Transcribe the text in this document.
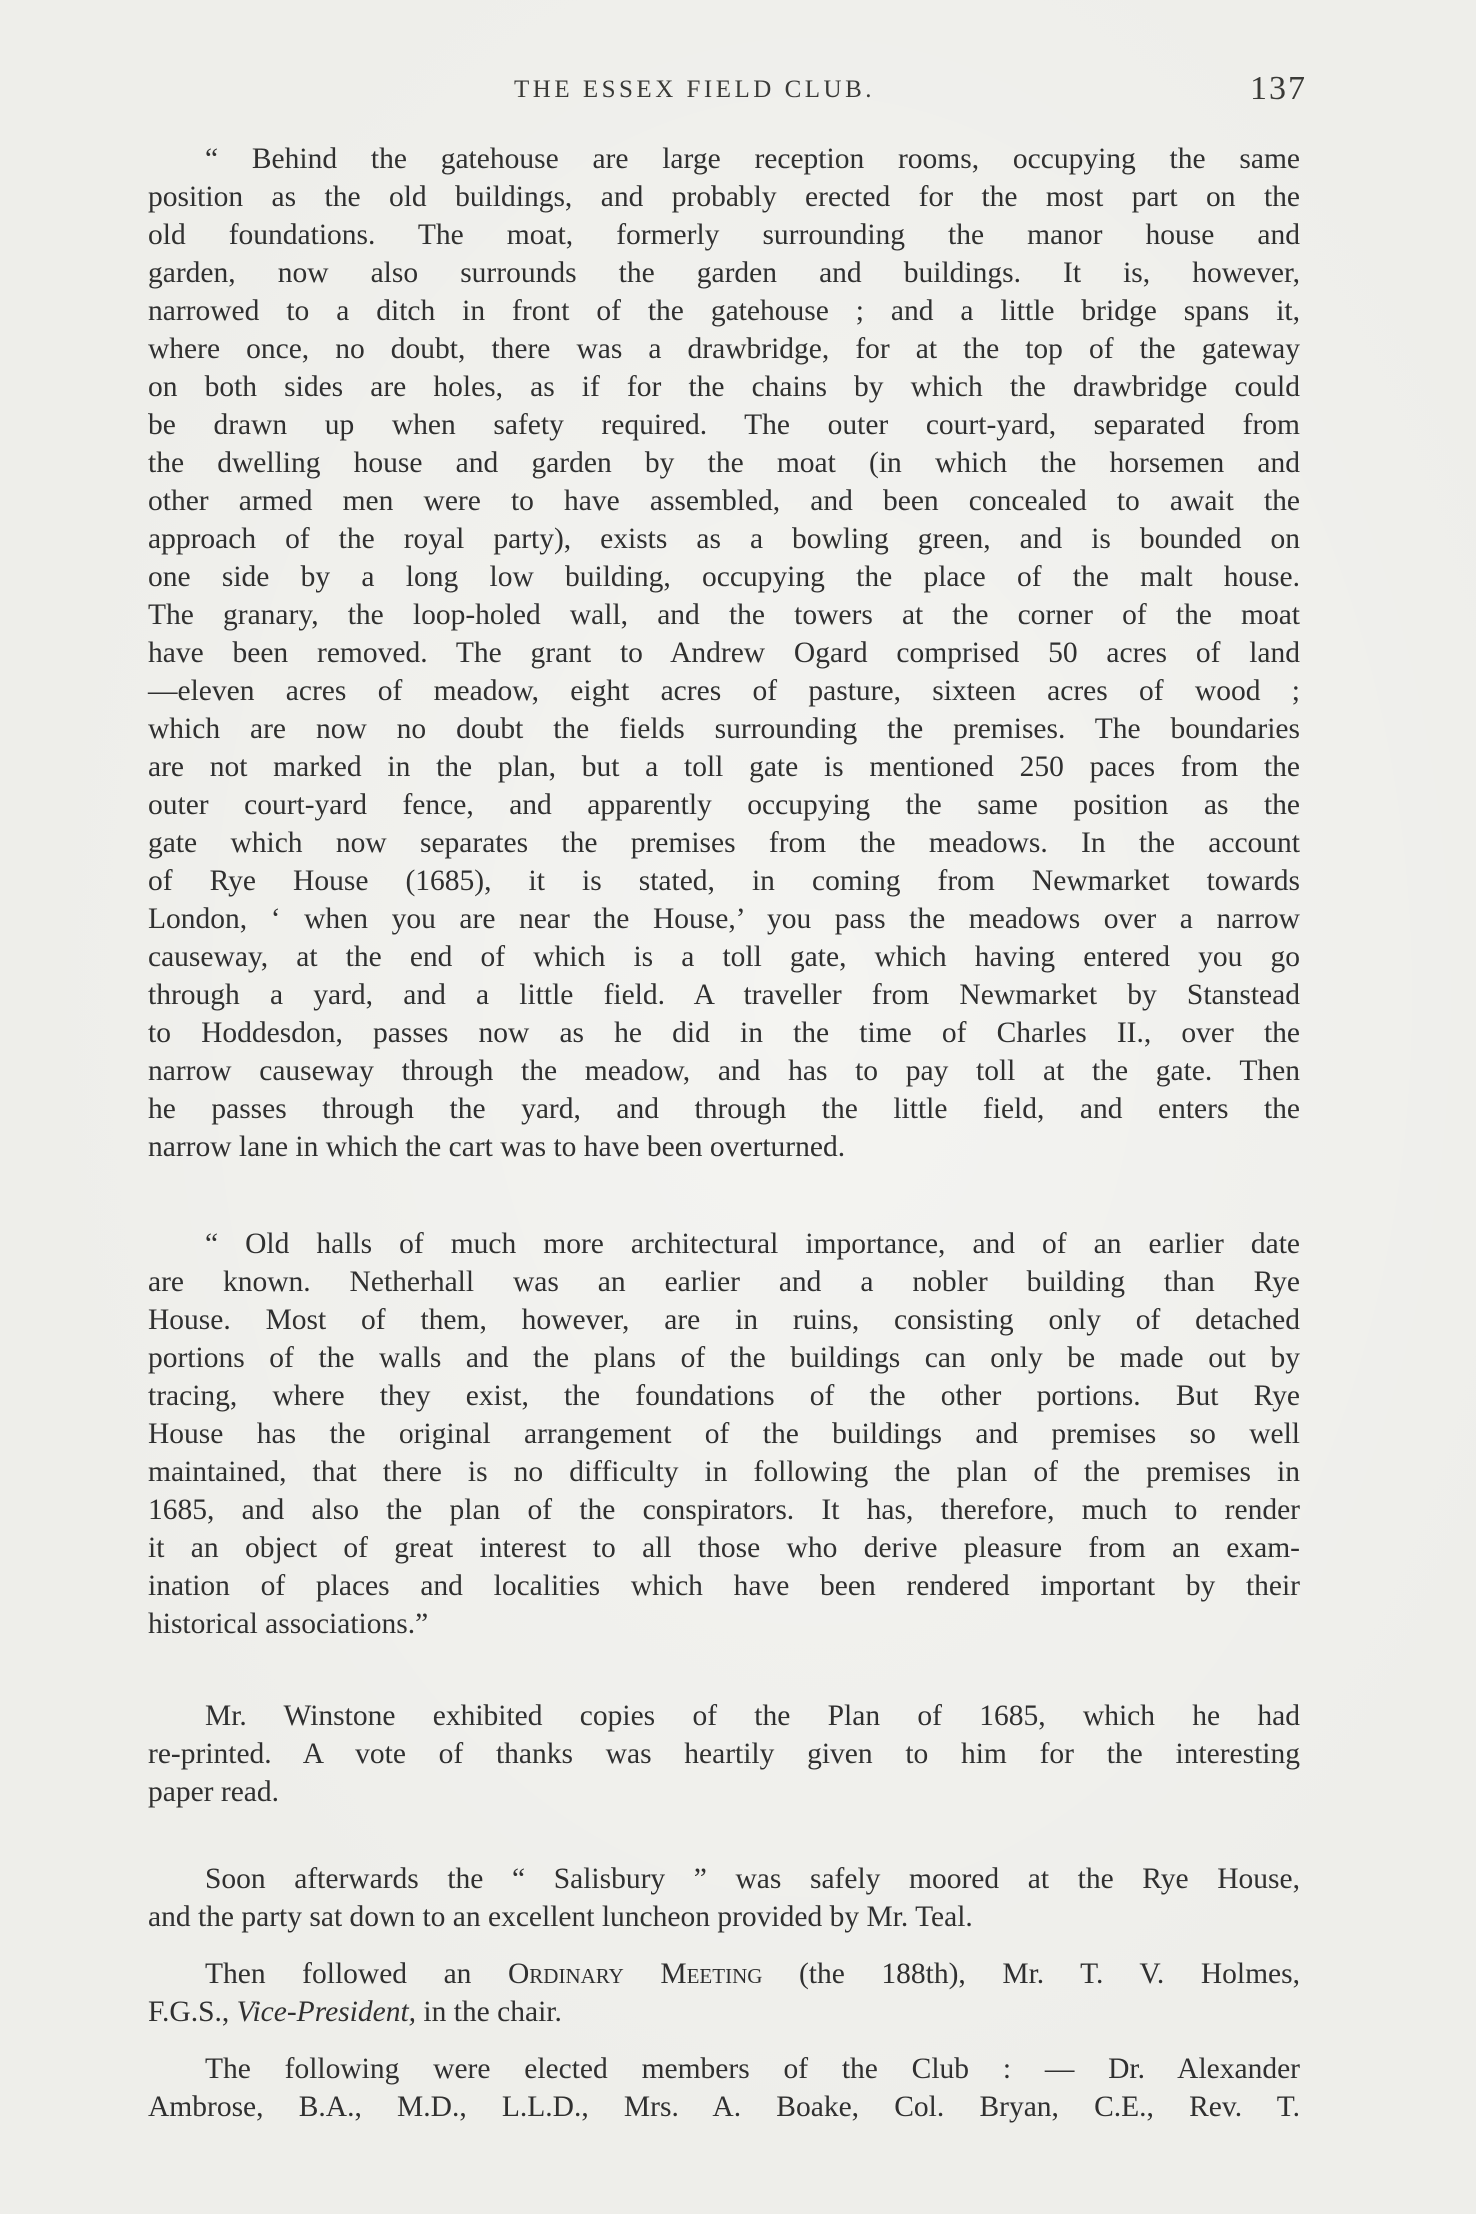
THE ESSEX FIELD CLUB.	137
“ Behind the gatehouse are large reception rooms, occupying the same
position as the old buildings, and probably erected for the most part on the
old foundations. The moat, formerly surrounding the manor house and
garden, now also surrounds the garden and buildings. It is, however,
narrowed to a ditch in front of the gatehouse ; and a little bridge spans it,
where once, no doubt, there was a drawbridge, for at the top of the gateway
on both sides are holes, as if for the chains by which the drawbridge could
be drawn up when safety required. The outer court-yard, separated from
the dwelling house and garden by the moat (in which the horsemen and
other armed men were to have assembled, and been concealed to await the
approach of the royal party), exists as a bowling green, and is bounded on
one side by a long low building, occupying the place of the malt house.
The granary, the loop-holed wall, and the towers at the corner of the moat
have been removed. The grant to Andrew Ogard comprised 50 acres of land
—eleven acres of meadow, eight acres of pasture, sixteen acres of wood ;
which are now no doubt the fields surrounding the premises. The boundaries
are not marked in the plan, but a toll gate is mentioned 250 paces from the
outer court-yard fence, and apparently occupying the same position as the
gate which now separates the premises from the meadows. In the account
of Rye House (1685), it is stated, in coming from Newmarket towards
London, ‘ when you are near the House,’ you pass the meadows over a narrow
causeway, at the end of which is a toll gate, which having entered you go
through a yard, and a little field. A traveller from Newmarket by Stanstead
to Hoddesdon, passes now as he did in the time of Charles II., over the
narrow causeway through the meadow, and has to pay toll at the gate. Then
he passes through the yard, and through the little field, and enters the
narrow lane in which the cart was to have been overturned.
“ Old halls of much more architectural importance, and of an earlier date
are known. Netherhall was an earlier and a nobler building than Rye
House. Most of them, however, are in ruins, consisting only of detached
portions of the walls and the plans of the buildings can only be made out by
tracing, where they exist, the foundations of the other portions. But Rye
House has the original arrangement of the buildings and premises so well
maintained, that there is no difficulty in following the plan of the premises in
1685, and also the plan of the conspirators. It has, therefore, much to render
it an object of great interest to all those who derive pleasure from an exam-
ination of places and localities which have been rendered important by their
historical associations.”
Mr. Winstone exhibited copies of the Plan of 1685, which he had
re-printed. A vote of thanks was heartily given to him for the interesting
paper read.
Soon afterwards the “ Salisbury ” was safely moored at the Rye House,
and the party sat down to an excellent luncheon provided by Mr. Teal.
Then followed an Ordinary Meeting (the 188th), Mr. T. V. Holmes,
F.G.S., Vice-President, in the chair.
The following were elected members of the Club : — Dr. Alexander
Ambrose, B.A., M.D., L.L.D., Mrs. A. Boake, Col. Bryan, C.E., Rev. T.
